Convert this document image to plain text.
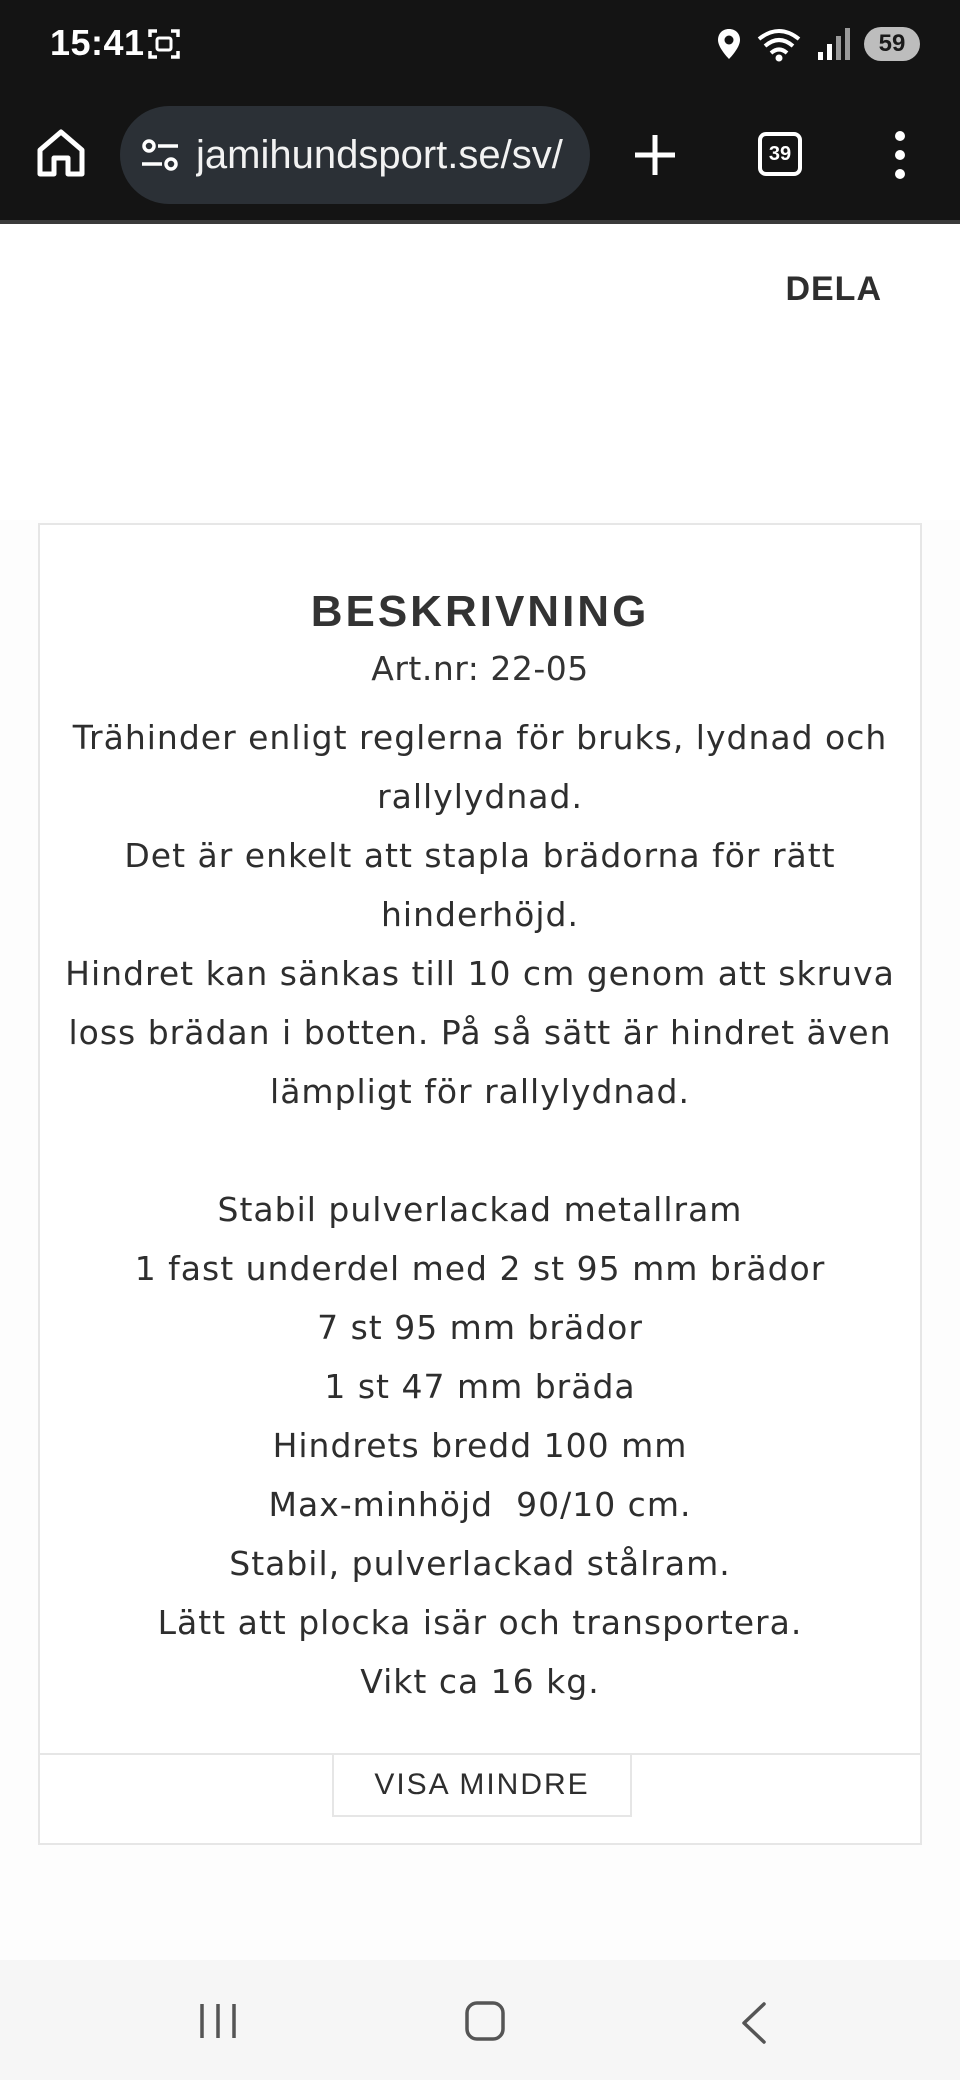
15:41	59
jamihundsport.se/sv/	39
DELA
BESKRIVNING
Art.nr: 22-05

Trähinder enligt reglerna för bruks, lydnad och

rallylydnad.

Det är enkelt att stapla brädorna för rätt

hinderhöjd.

Hindret kan sänkas till 10 cm genom att skruva

loss brädan i botten. På så sätt är hindret även

lämpligt för rallylydnad.

Stabil pulverlackad metallram

1 fast underdel med 2 st 95 mm brädor

7 st 95 mm brädor

1 st 47 mm bräda

Hindrets bredd 100 mm

Max-minhöjd  90/10 cm.

Stabil, pulverlackad stålram.

Lätt att plocka isär och transportera.

Vikt ca 16 kg.

VISA MINDRE
